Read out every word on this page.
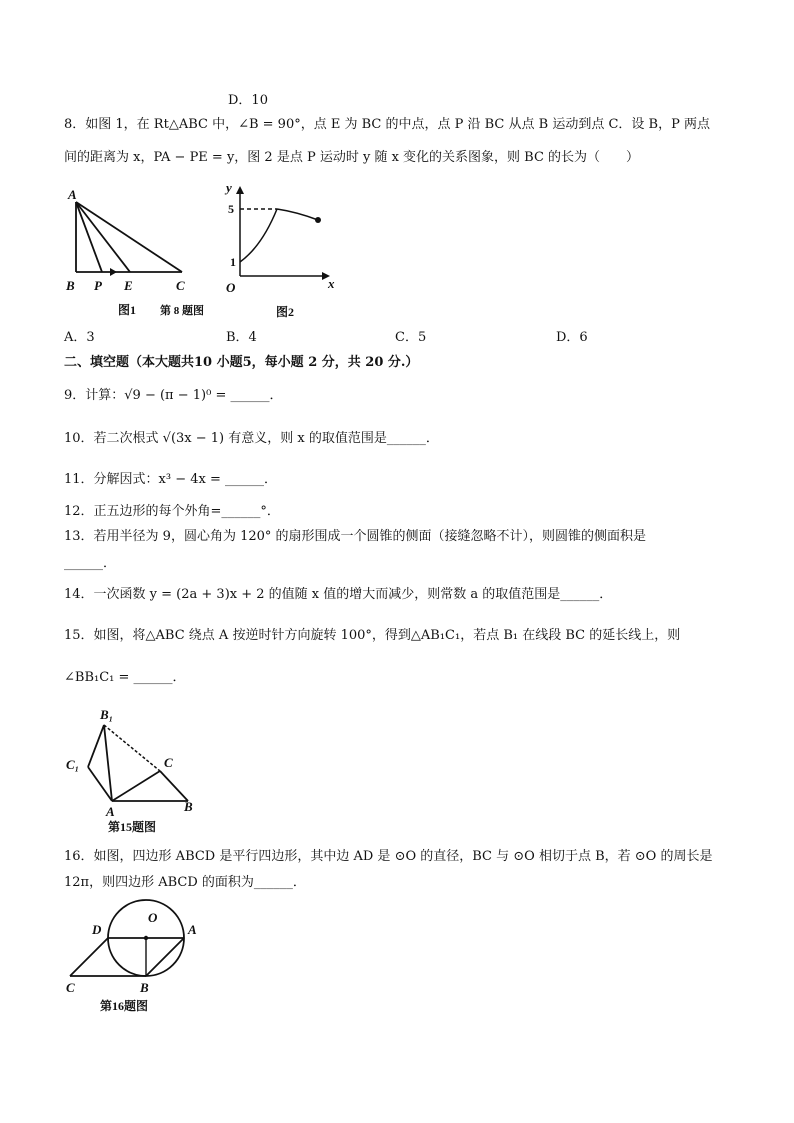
D．10
8．如图 1，在 Rt△ABC 中，∠B = 90°，点 E 为 BC 的中点，点 P 沿 BC 从点 B 运动到点 C．设 B，P 两点
间的距离为 x，PA − PE = y，图 2 是点 P 运动时 y 随 x 变化的关系图象，则 BC 的长为（　　）
A
B P E	C
图1 第 8 题图
y
x
O
5
1
图2
A．3	B．4	C．5	D．6
二、填空题（本大题共10 小题5，每小题 2 分，共 20 分.）
9．计算：√9 − (π − 1)⁰ = ______．
10．若二次根式 √(3x − 1) 有意义，则 x 的取值范围是______．
11．分解因式：x³ − 4x = ______．
12．正五边形的每个外角=______°．
13．若用半径为 9，圆心角为 120° 的扇形围成一个圆锥的侧面（接缝忽略不计），则圆锥的侧面积是
______．
14．一次函数 y = (2a + 3)x + 2 的值随 x 值的增大而减少，则常数 a 的取值范围是______．
15．如图，将△ABC 绕点 A 按逆时针方向旋转 100°，得到△AB₁C₁，若点 B₁ 在线段 BC 的延长线上，则
∠BB₁C₁ = ______．
B₁
C₁	C
A	B
第15题图
16．如图，四边形 ABCD 是平行四边形，其中边 AD 是 ⊙O 的直径，BC 与 ⊙O 相切于点 B，若 ⊙O 的周长是
12π，则四边形 ABCD 的面积为______．
D
O
A
C	B
第16题图
